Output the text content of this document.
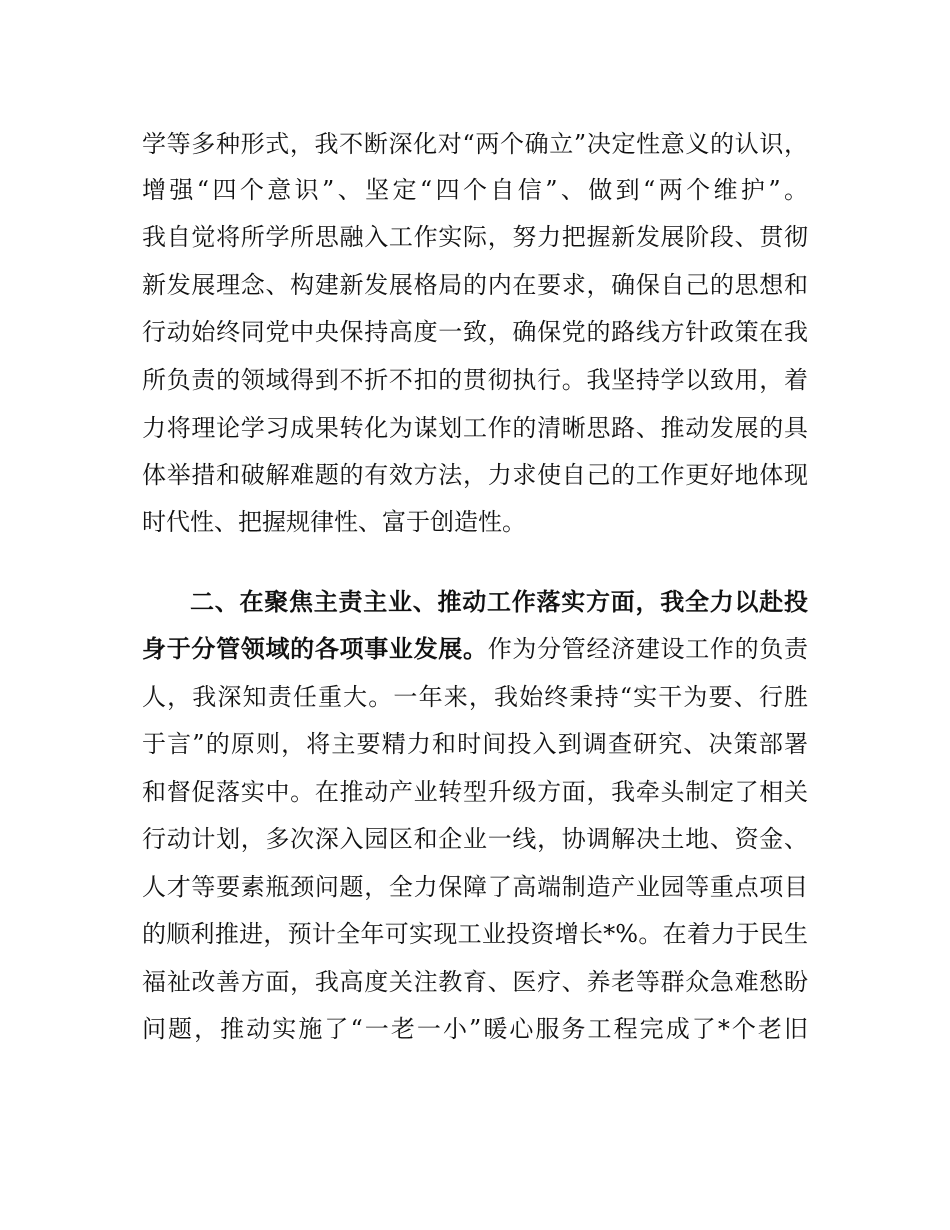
学等多种形式，我不断深化对“两个确立”决定性意义的认识，
增强“四个意识”、坚定“四个自信”、做到“两个维护”。
我自觉将所学所思融入工作实际，努力把握新发展阶段、贯彻
新发展理念、构建新发展格局的内在要求，确保自己的思想和
行动始终同党中央保持高度一致，确保党的路线方针政策在我
所负责的领域得到不折不扣的贯彻执行。我坚持学以致用，着
力将理论学习成果转化为谋划工作的清晰思路、推动发展的具
体举措和破解难题的有效方法，力求使自己的工作更好地体现
时代性、把握规律性、富于创造性。
二、在聚焦主责主业、推动工作落实方面，我全力以赴投
身于分管领域的各项事业发展。作为分管经济建设工作的负责
人，我深知责任重大。一年来，我始终秉持“实干为要、行胜
于言”的原则，将主要精力和时间投入到调查研究、决策部署
和督促落实中。在推动产业转型升级方面，我牵头制定了相关
行动计划，多次深入园区和企业一线，协调解决土地、资金、
人才等要素瓶颈问题，全力保障了高端制造产业园等重点项目
的顺利推进，预计全年可实现工业投资增长*%。在着力于民生
福祉改善方面，我高度关注教育、医疗、养老等群众急难愁盼
问题，推动实施了“一老一小”暖心服务工程完成了*个老旧
